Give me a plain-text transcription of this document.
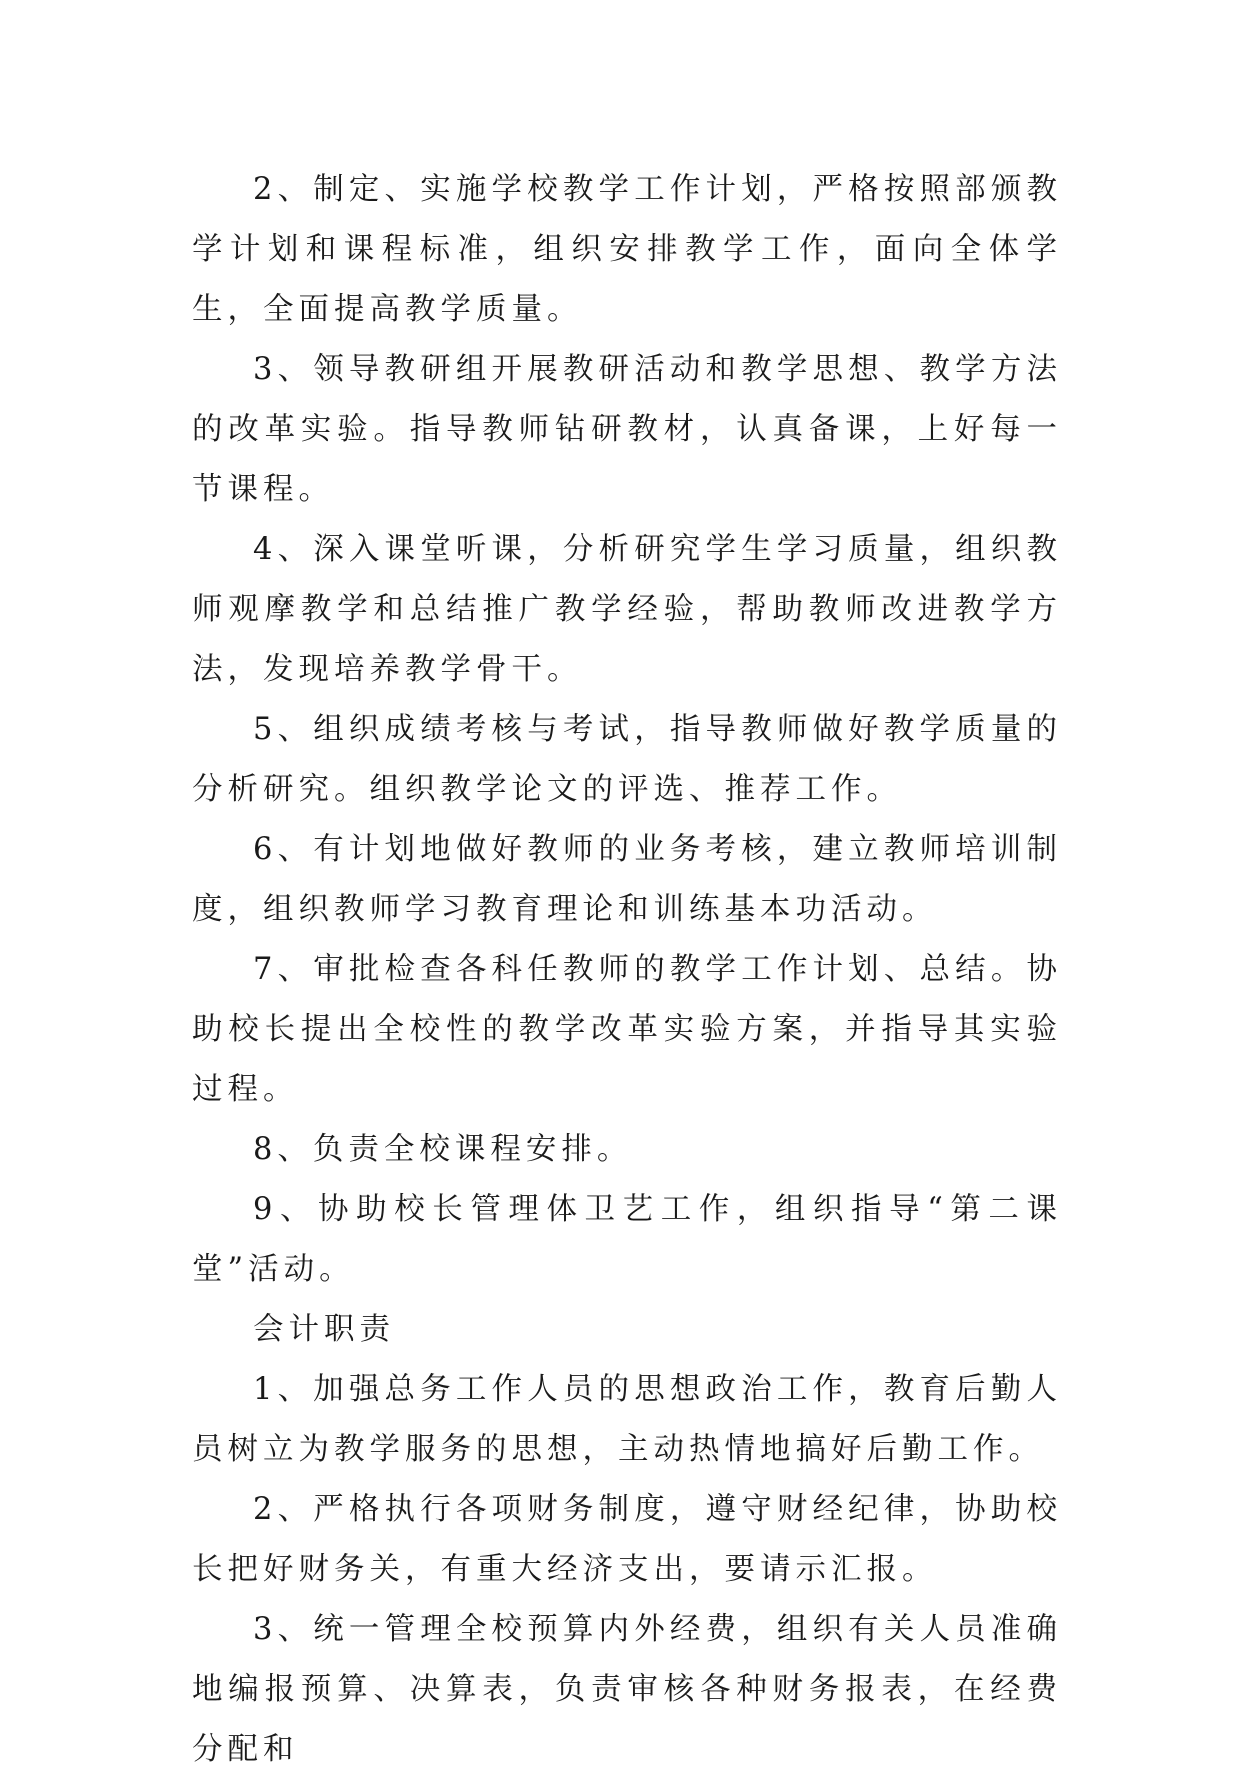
2、制定、实施学校教学工作计划，严格按照部颁教学计划和课程标准，组织安排教学工作，面向全体学生，全面提高教学质量。

3、领导教研组开展教研活动和教学思想、教学方法的改革实验。指导教师钻研教材，认真备课，上好每一节课程。

4、深入课堂听课，分析研究学生学习质量，组织教师观摩教学和总结推广教学经验，帮助教师改进教学方法，发现培养教学骨干。

5、组织成绩考核与考试，指导教师做好教学质量的分析研究。组织教学论文的评选、推荐工作。

6、有计划地做好教师的业务考核，建立教师培训制度，组织教师学习教育理论和训练基本功活动。

7、审批检查各科任教师的教学工作计划、总结。协助校长提出全校性的教学改革实验方案，并指导其实验过程。

8、负责全校课程安排。

9、协助校长管理体卫艺工作，组织指导“第二课堂”活动。

会计职责

1、加强总务工作人员的思想政治工作，教育后勤人员树立为教学服务的思想，主动热情地搞好后勤工作。

2、严格执行各项财务制度，遵守财经纪律，协助校长把好财务关，有重大经济支出，要请示汇报。

3、统一管理全校预算内外经费，组织有关人员准确地编报预算、决算表，负责审核各种财务报表，在经费分配和
